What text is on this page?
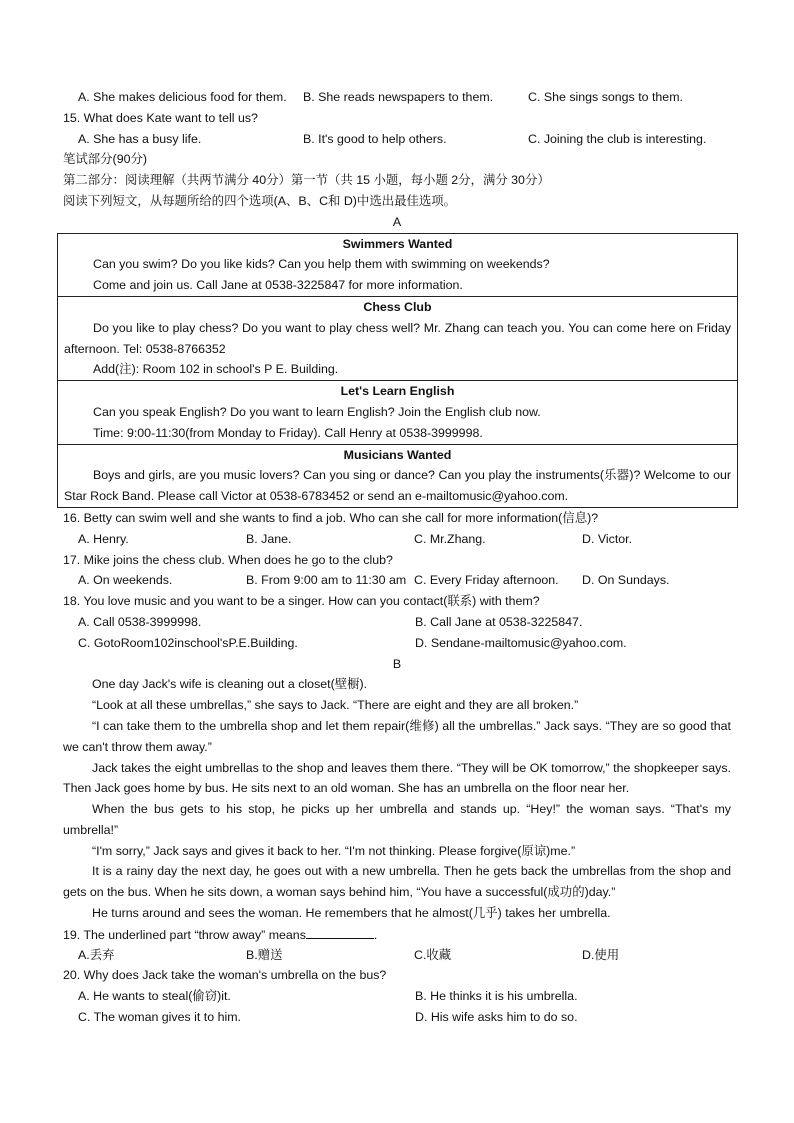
A. She makes delicious food for them.	B. She reads newspapers to them.	C. She sings songs to them.
15. What does Kate want to tell us?
A. She has a busy life.	B. It's good to help others.	C. Joining the club is interesting.
笔试部分(90分)
第二部分：阅读理解（共两节满分 40分）第一节（共 15 小题，每小题 2分，满分 30分）
阅读下列短文，从每题所给的四个选项(A、B、C和 D)中选出最佳选项。
A
Swimmers Wanted
Can you swim? Do you like kids? Can you help them with swimming on weekends?
Come and join us. Call Jane at 0538-3225847 for more information.
Chess Club
Do you like to play chess? Do you want to play chess well? Mr. Zhang can teach you. You can come here on Friday afternoon. Tel: 0538-8766352
Add(注): Room 102 in school's P E. Building.
Let's Learn English
Can you speak English? Do you want to learn English? Join the English club now.
Time: 9:00-11:30(from Monday to Friday). Call Henry at 0538-3999998.
Musicians Wanted
Boys and girls, are you music lovers? Can you sing or dance? Can you play the instruments(乐器)? Welcome to our Star Rock Band. Please call Victor at 0538-6783452 or send an e-mailtomusic@yahoo.com.
16. Betty can swim well and she wants to find a job. Who can she call for more information(信息)?
A. Henry.	B. Jane.	C. Mr.Zhang.	D. Victor.
17. Mike joins the chess club. When does he go to the club?
A. On weekends.	B. From 9:00 am to 11:30 am C. Every Friday afternoon.	D. On Sundays.
18. You love music and you want to be a singer. How can you contact(联系) with them?
A. Call 0538-3999998.	B. Call Jane at 0538-3225847.
C. GotoRoom102inschool'sP.E.Building.	D. Sendane-mailtomusic@yahoo.com.
B
One day Jack's wife is cleaning out a closet(壁橱).
“Look at all these umbrellas,” she says to Jack. “There are eight and they are all broken.”
“I can take them to the umbrella shop and let them repair(维修) all the umbrellas.” Jack says. “They are so good that we can't throw them away.”
Jack takes the eight umbrellas to the shop and leaves them there. “They will be OK tomorrow,” the shopkeeper says. Then Jack goes home by bus. He sits next to an old woman. She has an umbrella on the floor near her.
When the bus gets to his stop, he picks up her umbrella and stands up. “Hey!” the woman says. “That's my umbrella!”
“I'm sorry,” Jack says and gives it back to her. “I'm not thinking. Please forgive(原谅)me.”
It is a rainy day the next day, he goes out with a new umbrella. Then he gets back the umbrellas from the shop and gets on the bus. When he sits down, a woman says behind him, “You have a successful(成功的)day.”
He turns around and sees the woman. He remembers that he almost(几乎) takes her umbrella.
19. The underlined part “throw away” means	.
A.丢弃	B.赠送	C.收藏	D.使用
20. Why does Jack take the woman's umbrella on the bus?
A. He wants to steal(偷窃)it.	B. He thinks it is his umbrella.
C. The woman gives it to him.	D. His wife asks him to do so.
